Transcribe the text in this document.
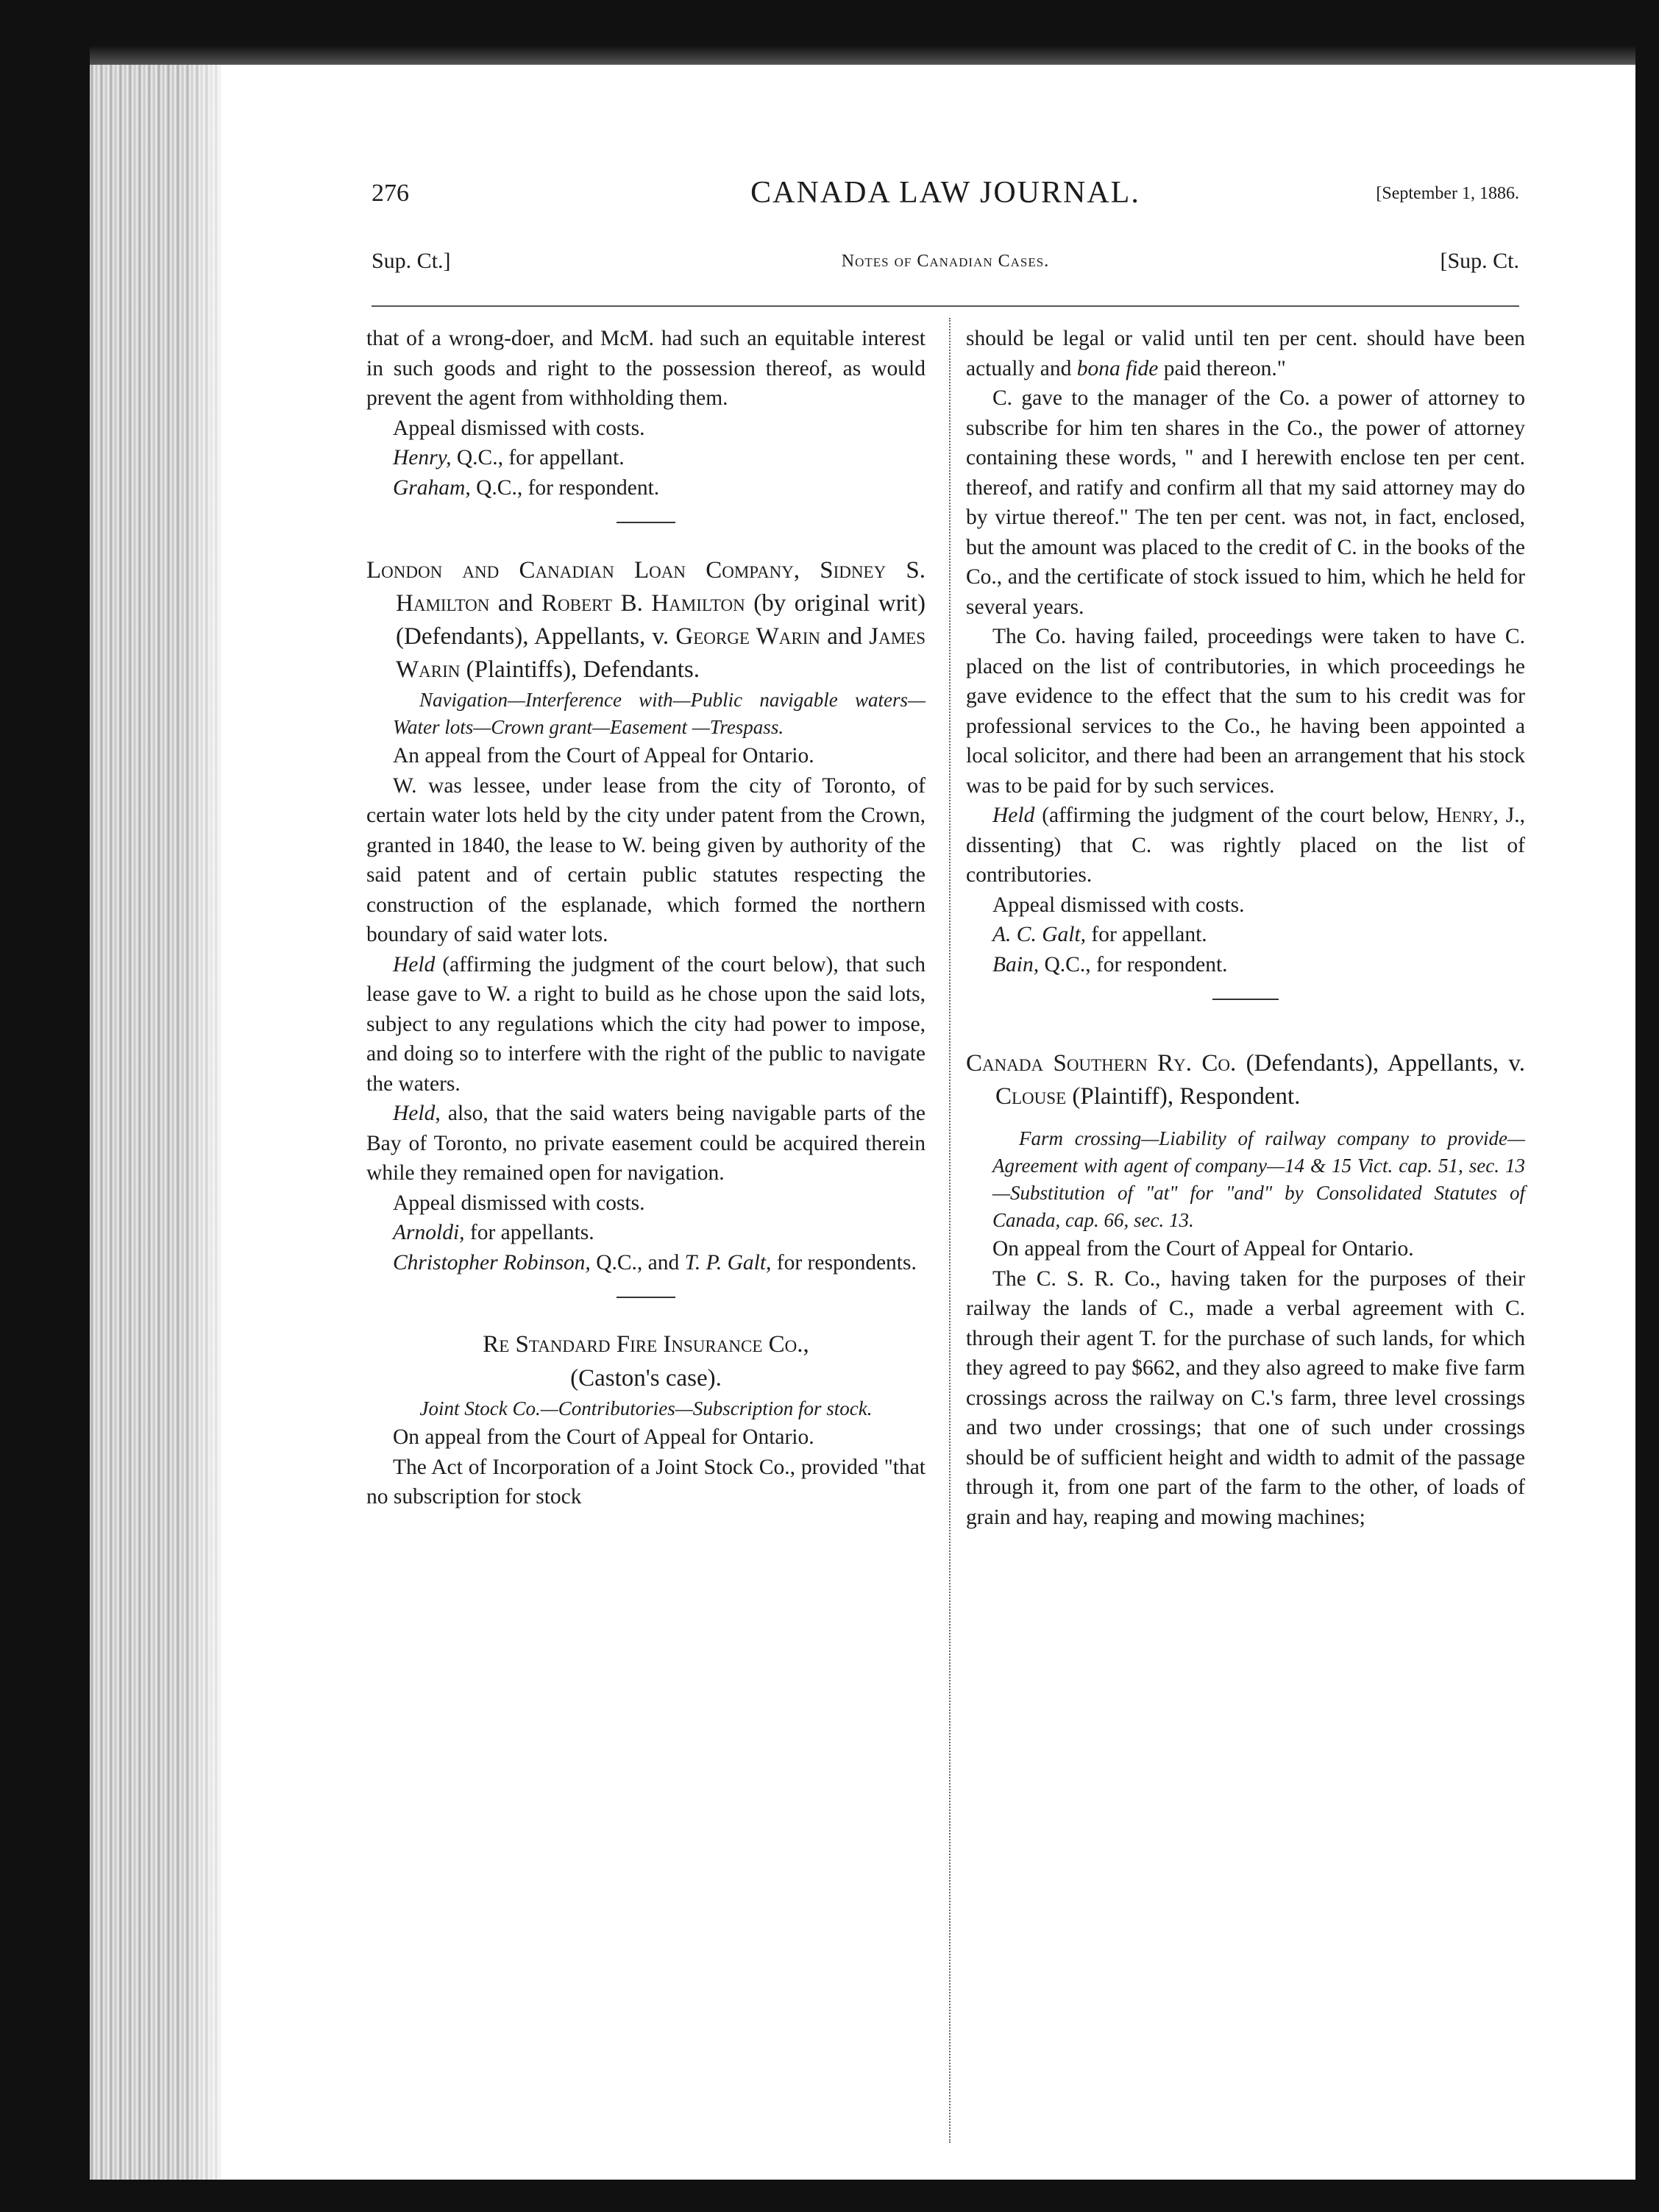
276	CANADA LAW JOURNAL.	[September 1, 1886.
Sup. Ct.]	Notes of Canadian Cases.	[Sup. Ct.

that of a wrong-doer, and McM. had such an equitable interest in such goods and right to the possession thereof, as would prevent the agent from withholding them.

Appeal dismissed with costs.

Henry, Q.C., for appellant.

Graham, Q.C., for respondent.

London and Canadian Loan Company, Sidney S. Hamilton and Robert B. Hamilton (by original writ) (Defendants), Appellants, v. George Warin and James Warin (Plaintiffs), Defendants.

Navigation—Interference with—Public navigable waters—Water lots—Crown grant—Easement —Trespass.

An appeal from the Court of Appeal for Ontario.

W. was lessee, under lease from the city of Toronto, of certain water lots held by the city under patent from the Crown, granted in 1840, the lease to W. being given by authority of the said patent and of certain public statutes respecting the construction of the esplanade, which formed the northern boundary of said water lots.

Held (affirming the judgment of the court below), that such lease gave to W. a right to build as he chose upon the said lots, subject to any regulations which the city had power to impose, and doing so to interfere with the right of the public to navigate the waters.

Held, also, that the said waters being navigable parts of the Bay of Toronto, no private easement could be acquired therein while they remained open for navigation.

Appeal dismissed with costs.

Arnoldi, for appellants.

Christopher Robinson, Q.C., and T. P. Galt, for respondents.

Re Standard Fire Insurance Co.,
(Caston's case).

Joint Stock Co.—Contributories—Subscription for stock.

On appeal from the Court of Appeal for Ontario.

The Act of Incorporation of a Joint Stock Co., provided "that no subscription for stock

should be legal or valid until ten per cent. should have been actually and bona fide paid thereon."

C. gave to the manager of the Co. a power of attorney to subscribe for him ten shares in the Co., the power of attorney containing these words, " and I herewith enclose ten per cent. thereof, and ratify and confirm all that my said attorney may do by virtue thereof." The ten per cent. was not, in fact, enclosed, but the amount was placed to the credit of C. in the books of the Co., and the certificate of stock issued to him, which he held for several years.

The Co. having failed, proceedings were taken to have C. placed on the list of contributories, in which proceedings he gave evidence to the effect that the sum to his credit was for professional services to the Co., he having been appointed a local solicitor, and there had been an arrangement that his stock was to be paid for by such services.

Held (affirming the judgment of the court below, Henry, J., dissenting) that C. was rightly placed on the list of contributories.

Appeal dismissed with costs.

A. C. Galt, for appellant.

Bain, Q.C., for respondent.

Canada Southern Ry. Co. (Defendants), Appellants, v. Clouse (Plaintiff), Respondent.

Farm crossing—Liability of railway company to provide—Agreement with agent of company—14 & 15 Vict. cap. 51, sec. 13—Substitution of "at" for "and" by Consolidated Statutes of Canada, cap. 66, sec. 13.

On appeal from the Court of Appeal for Ontario.

The C. S. R. Co., having taken for the purposes of their railway the lands of C., made a verbal agreement with C. through their agent T. for the purchase of such lands, for which they agreed to pay $662, and they also agreed to make five farm crossings across the railway on C.'s farm, three level crossings and two under crossings; that one of such under crossings should be of sufficient height and width to admit of the passage through it, from one part of the farm to the other, of loads of grain and hay, reaping and mowing machines;
